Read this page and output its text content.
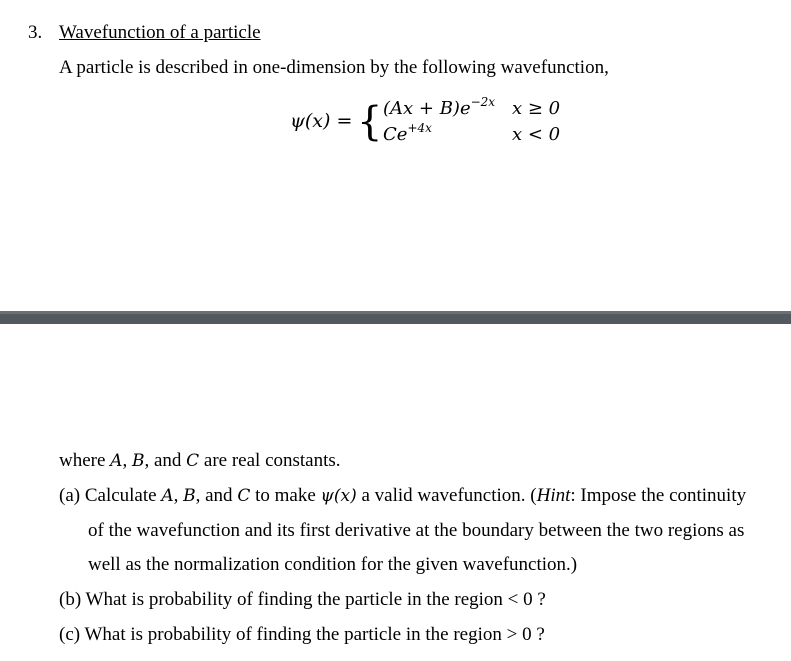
3. Wavefunction of a particle
A particle is described in one-dimension by the following wavefunction,
ψ(x) = { $(Ax + B)e^{-2x}$
$Ce^{+4x}$
x ≥ 0
x < 0
where A, B, and C are real constants.
(a) Calculate A, B, and C to make ψ(x) a valid wavefunction. (Hint: Impose the continuity
of the wavefunction and its first derivative at the boundary between the two regions as
well as the normalization condition for the given wavefunction.)
(b) What is probability of finding the particle in the region < 0 ?
(c) What is probability of finding the particle in the region > 0 ?
